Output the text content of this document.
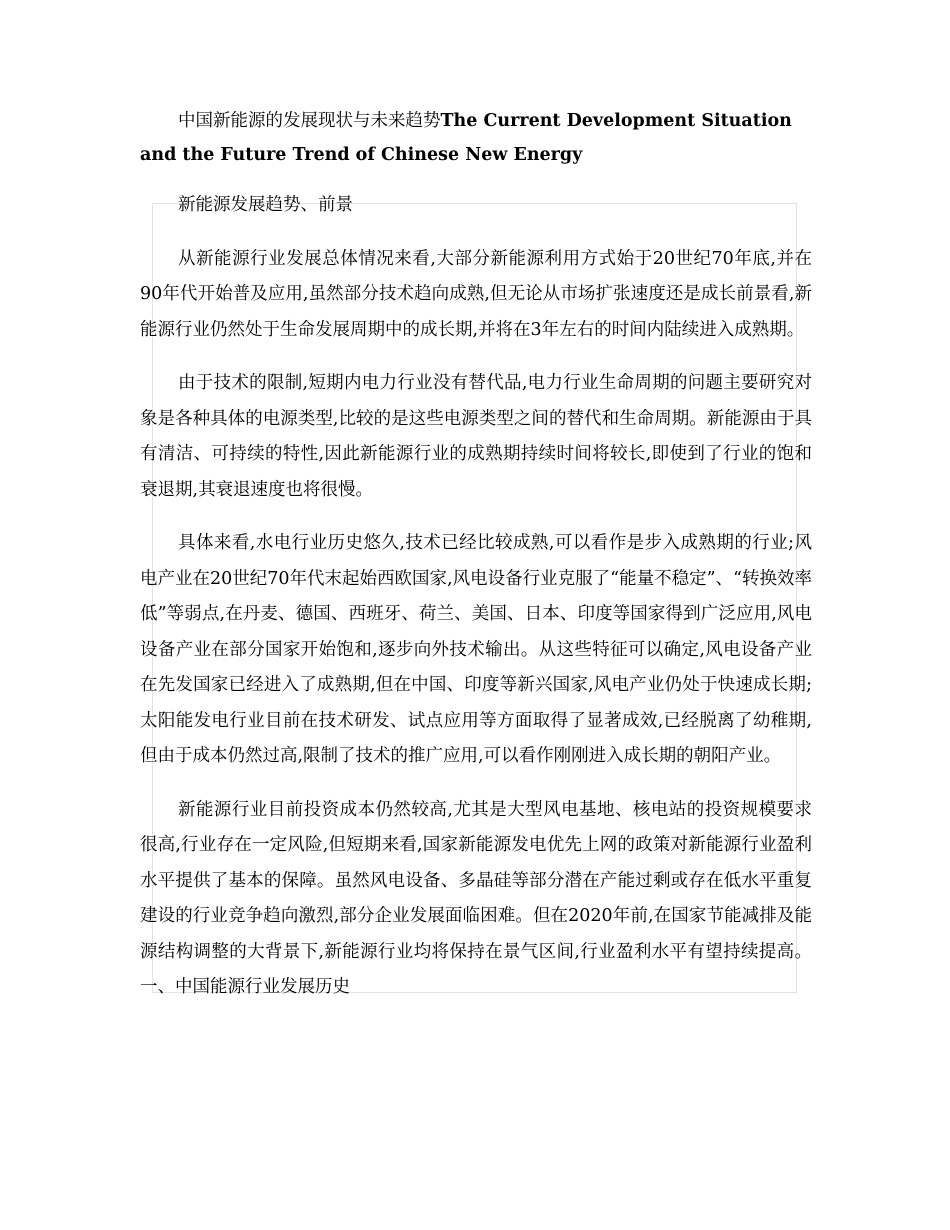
中国新能源的发展现状与未来趋势The Current Development Situation and the Future Trend of Chinese New Energy

新能源发展趋势、前景

从新能源行业发展总体情况来看,大部分新能源利用方式始于20世纪70年底,并在90年代开始普及应用,虽然部分技术趋向成熟,但无论从市场扩张速度还是成长前景看,新能源行业仍然处于生命发展周期中的成长期,并将在3年左右的时间内陆续进入成熟期。

由于技术的限制,短期内电力行业没有替代品,电力行业生命周期的问题主要研究对象是各种具体的电源类型,比较的是这些电源类型之间的替代和生命周期。新能源由于具有清洁、可持续的特性,因此新能源行业的成熟期持续时间将较长,即使到了行业的饱和衰退期,其衰退速度也将很慢。

具体来看,水电行业历史悠久,技术已经比较成熟,可以看作是步入成熟期的行业;风电产业在20世纪70年代末起始西欧国家,风电设备行业克服了“能量不稳定”、“转换效率低”等弱点,在丹麦、德国、西班牙、荷兰、美国、日本、印度等国家得到广泛应用,风电设备产业在部分国家开始饱和,逐步向外技术输出。从这些特征可以确定,风电设备产业在先发国家已经进入了成熟期,但在中国、印度等新兴国家,风电产业仍处于快速成长期;太阳能发电行业目前在技术研发、试点应用等方面取得了显著成效,已经脱离了幼稚期,但由于成本仍然过高,限制了技术的推广应用,可以看作刚刚进入成长期的朝阳产业。

新能源行业目前投资成本仍然较高,尤其是大型风电基地、核电站的投资规模要求很高,行业存在一定风险,但短期来看,国家新能源发电优先上网的政策对新能源行业盈利水平提供了基本的保障。虽然风电设备、多晶硅等部分潜在产能过剩或存在低水平重复建设的行业竞争趋向激烈,部分企业发展面临困难。但在2020年前,在国家节能减排及能源结构调整的大背景下,新能源行业均将保持在景气区间,行业盈利水平有望持续提高。一、中国能源行业发展历史
